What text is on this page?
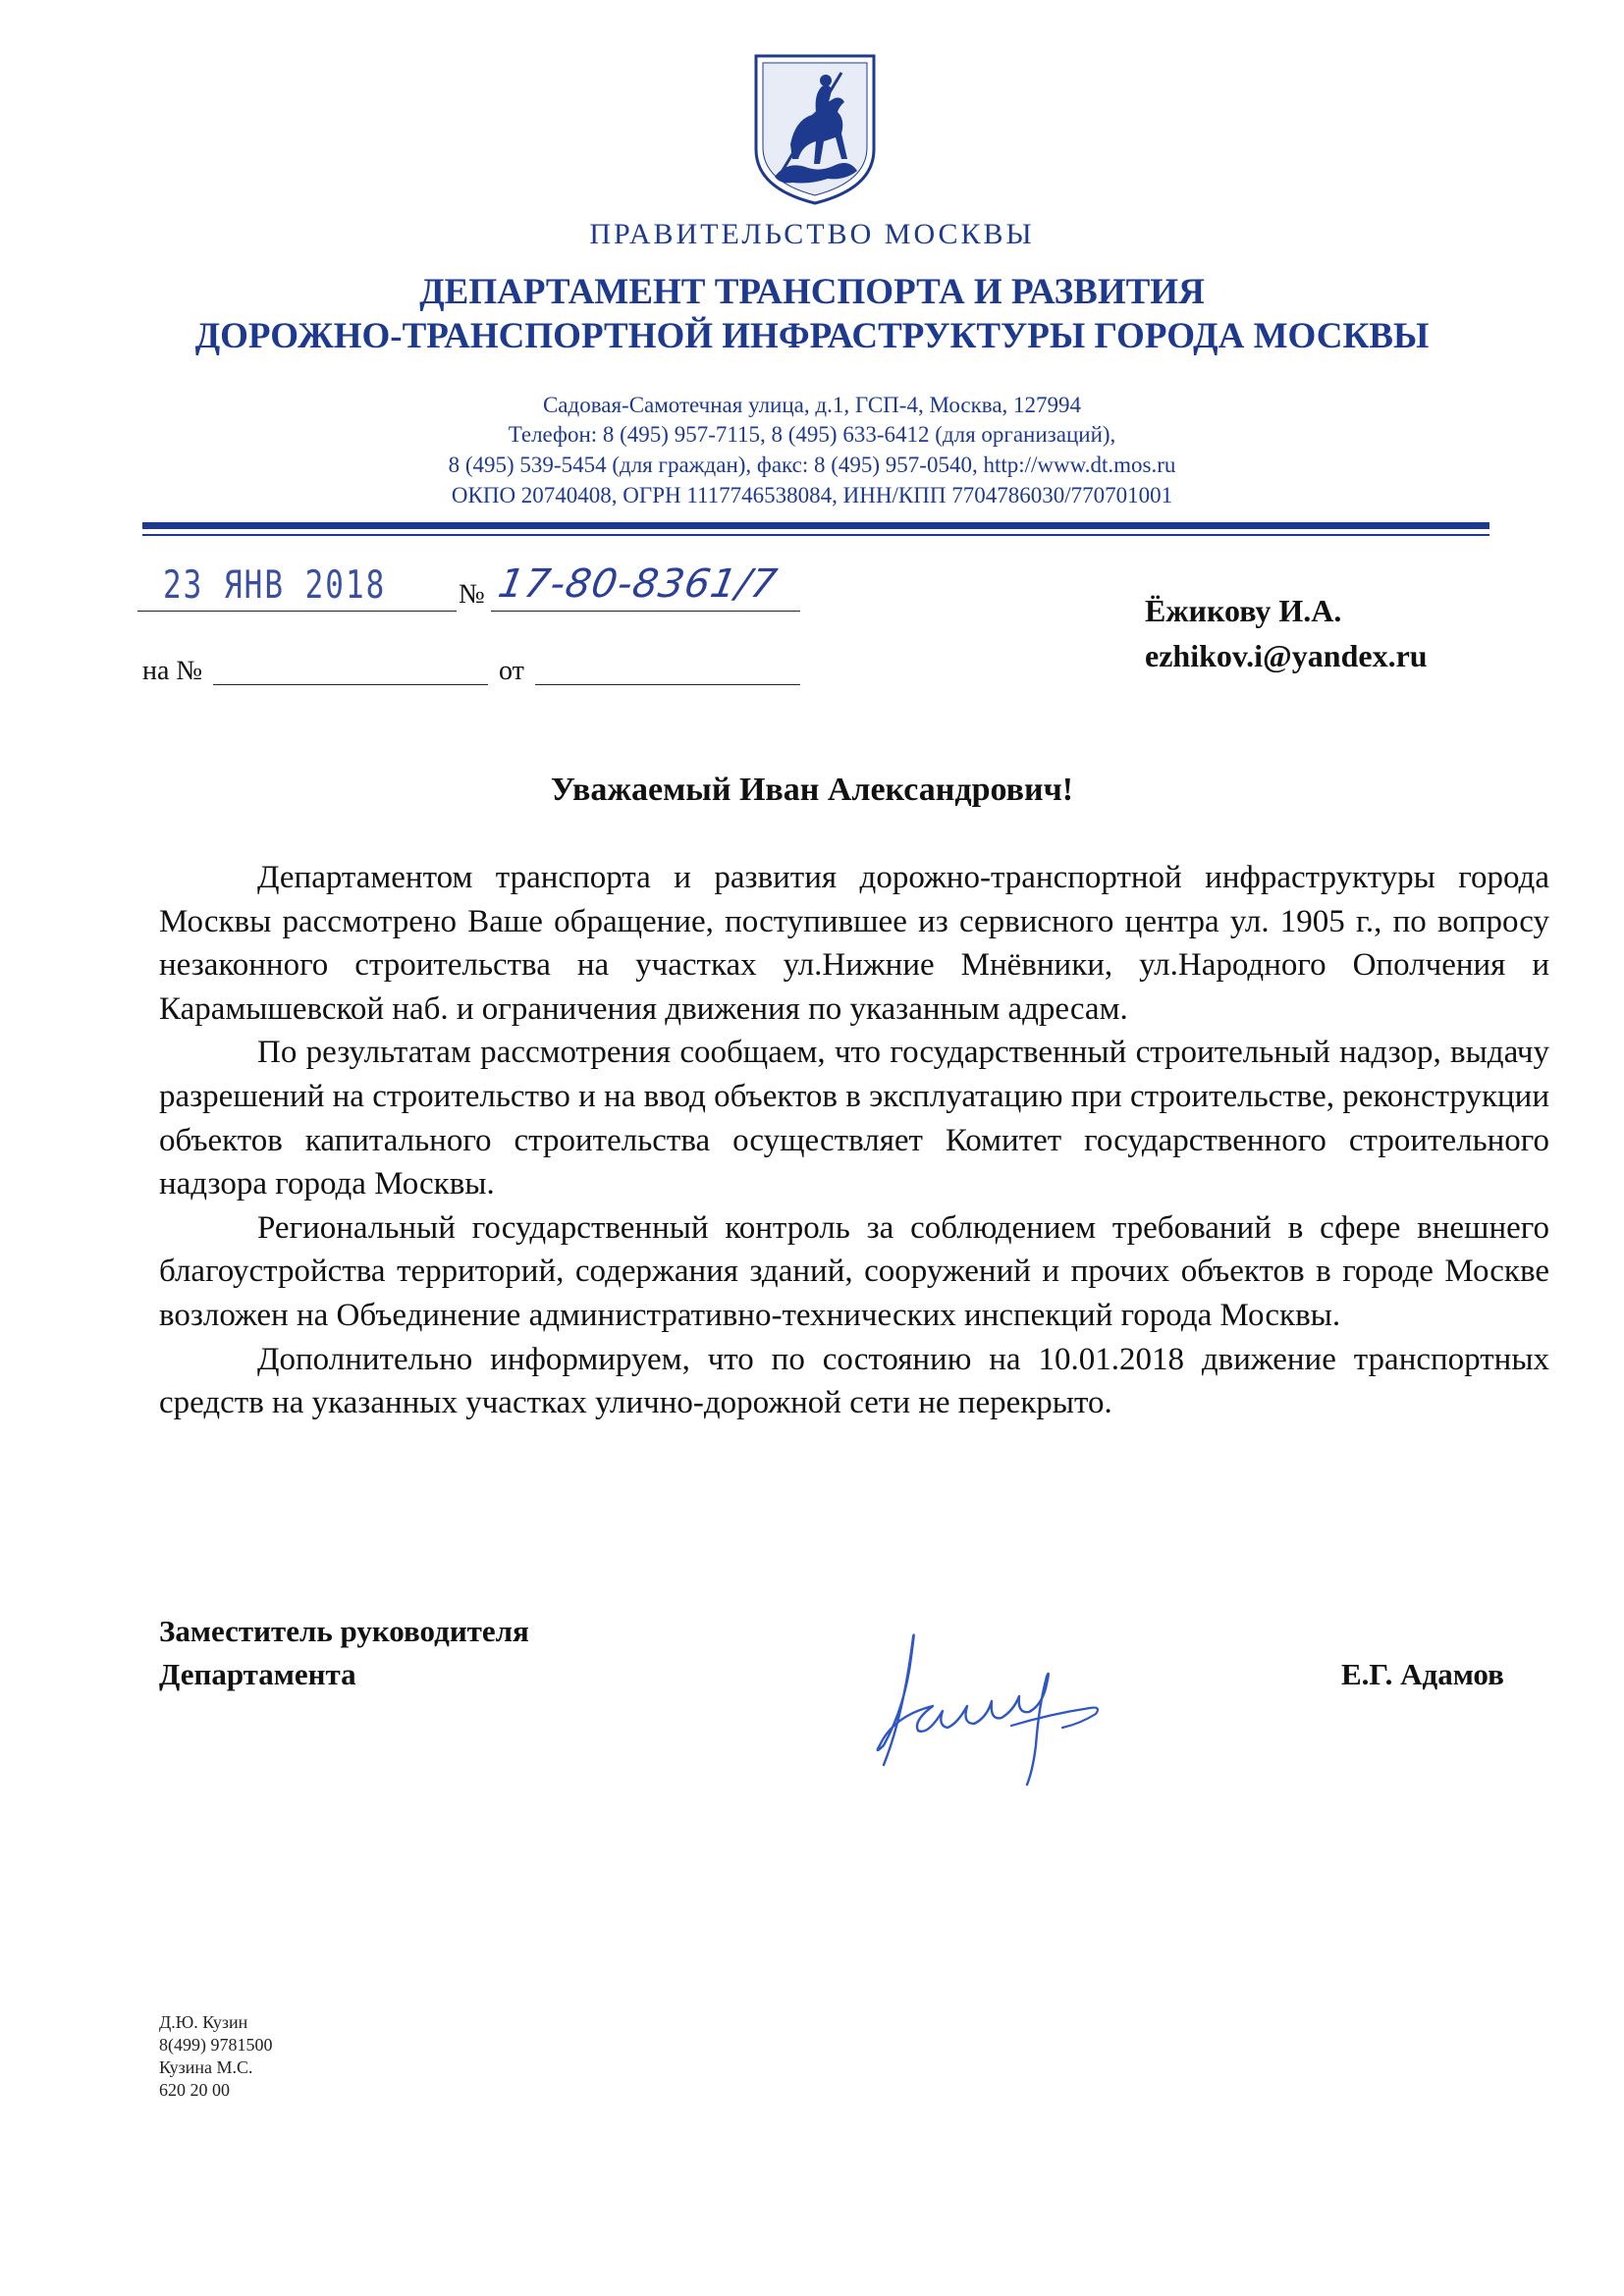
ПРАВИТЕЛЬСТВО МОСКВЫ
ДЕПАРТАМЕНТ ТРАНСПОРТА И РАЗВИТИЯ
ДОРОЖНО-ТРАНСПОРТНОЙ ИНФРАСТРУКТУРЫ ГОРОДА МОСКВЫ
Садовая-Самотечная улица, д.1, ГСП-4, Москва, 127994
Телефон: 8 (495) 957-7115, 8 (495) 633-6412 (для организаций),
8 (495) 539-5454 (для граждан), факс: 8 (495) 957-0540, http://www.dt.mos.ru
ОКПО 20740408, ОГРН 1117746538084, ИНН/КПП 7704786030/770701001
23 ЯНВ 2018	№ 17-80-8361/7
на №	от
Ёжикову И.А.
ezhikov.i@yandex.ru
Уважаемый Иван Александрович!

Департаментом транспорта и развития дорожно-транспортной инфраструктуры города Москвы рассмотрено Ваше обращение, поступившее из сервисного центра ул. 1905 г., по вопросу незаконного строительства на участках ул.Нижние Мнёвники, ул.Народного Ополчения и Карамышевской наб. и ограничения движения по указанным адресам.

По результатам рассмотрения сообщаем, что государственный строительный надзор, выдачу разрешений на строительство и на ввод объектов в эксплуатацию при строительстве, реконструкции объектов капитального строительства осуществляет Комитет государственного строительного надзора города Москвы.

Региональный государственный контроль за соблюдением требований в сфере внешнего благоустройства территорий, содержания зданий, сооружений и прочих объектов в городе Москве возложен на Объединение административно-технических инспекций города Москвы.

Дополнительно информируем, что по состоянию на 10.01.2018 движение транспортных средств на указанных участках улично-дорожной сети не перекрыто.

Заместитель руководителя
Департамента	Е.Г. Адамов
Д.Ю. Кузин
8(499) 9781500
Кузина М.С.
620 20 00
